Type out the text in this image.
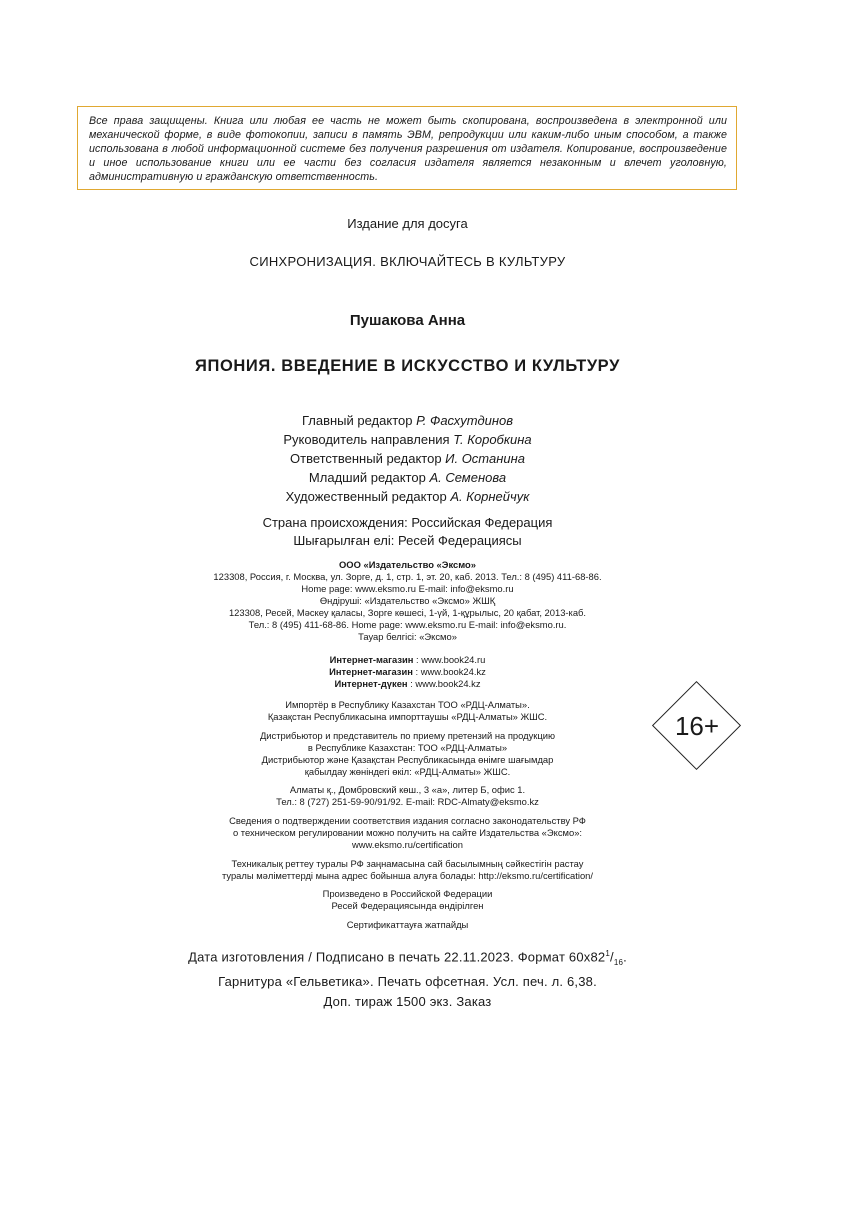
Все права защищены. Книга или любая ее часть не может быть скопирована, воспроизведена в электронной или механической форме, в виде фотокопии, записи в память ЭВМ, репродукции или каким-либо иным способом, а также использована в любой информационной системе без получения разрешения от издателя. Копирование, воспроизведение и иное использование книги или ее части без согласия издателя является незаконным и влечет уголовную, административную и гражданскую ответственность.

Издание для досуга

СИНХРОНИЗАЦИЯ. ВКЛЮЧАЙТЕСЬ В КУЛЬТУРУ

Пушакова Анна

ЯПОНИЯ. ВВЕДЕНИЕ В ИСКУССТВО И КУЛЬТУРУ

Главный редактор Р. Фасхутдинов
Руководитель направления Т. Коробкина
Ответственный редактор И. Останина
Младший редактор А. Семенова
Художественный редактор А. Корнейчук
Страна происхождения: Российская Федерация
Шығарылған елі: Ресей Федерациясы
ООО «Издательство «Эксмо»
123308, Россия, г. Москва, ул. Зорге, д. 1, стр. 1, эт. 20, каб. 2013. Тел.: 8 (495) 411-68-86.
Home page: www.eksmo.ru E-mail: info@eksmo.ru
Өндіруші: «Издательство «Эксмо» ЖШҚ
123308, Ресей, Мәскеу қаласы, Зорге көшесі, 1-үй, 1-құрылыс, 20 қабат, 2013-каб.
Тел.: 8 (495) 411-68-86. Home page: www.eksmo.ru E-mail: info@eksmo.ru.
Тауар белгісі: «Эксмо»
Интернет-магазин : www.book24.ru
Интернет-магазин : www.book24.kz
Интернет-дүкен : www.book24.kz
Импортёр в Республику Казахстан ТОО «РДЦ-Алматы».
Қазақстан Республикасына импорттаушы «РДЦ-Алматы» ЖШС.
Дистрибьютор и представитель по приему претензий на продукцию
в Республике Казахстан: ТОО «РДЦ-Алматы»
Дистрибьютор және Қазақстан Республикасында өнімге шағымдар
қабылдау жөніндегі өкіл: «РДЦ-Алматы» ЖШС.
Алматы қ., Домбровский көш., 3 «а», литер Б, офис 1.
Тел.: 8 (727) 251-59-90/91/92. E-mail: RDC-Almaty@eksmo.kz
Сведения о подтверждении соответствия издания согласно законодательству РФ
о техническом регулировании можно получить на сайте Издательства «Эксмо»:
www.eksmo.ru/certification
Техникалық реттеу туралы РФ заңнамасына сай басылымның сәйкестігін растау
туралы мәліметтерді мына адрес бойынша алуға болады: http://eksmo.ru/certification/
Произведено в Российской Федерации
Ресей Федерациясында өндірілген
Сертификаттауға жатпайды
Дата изготовления / Подписано в печать 22.11.2023. Формат $60x82^1/_{16}$.
Гарнитура «Гельветика». Печать офсетная. Усл. печ. л. 6,38.
Доп. тираж 1500 экз. Заказ
16+
